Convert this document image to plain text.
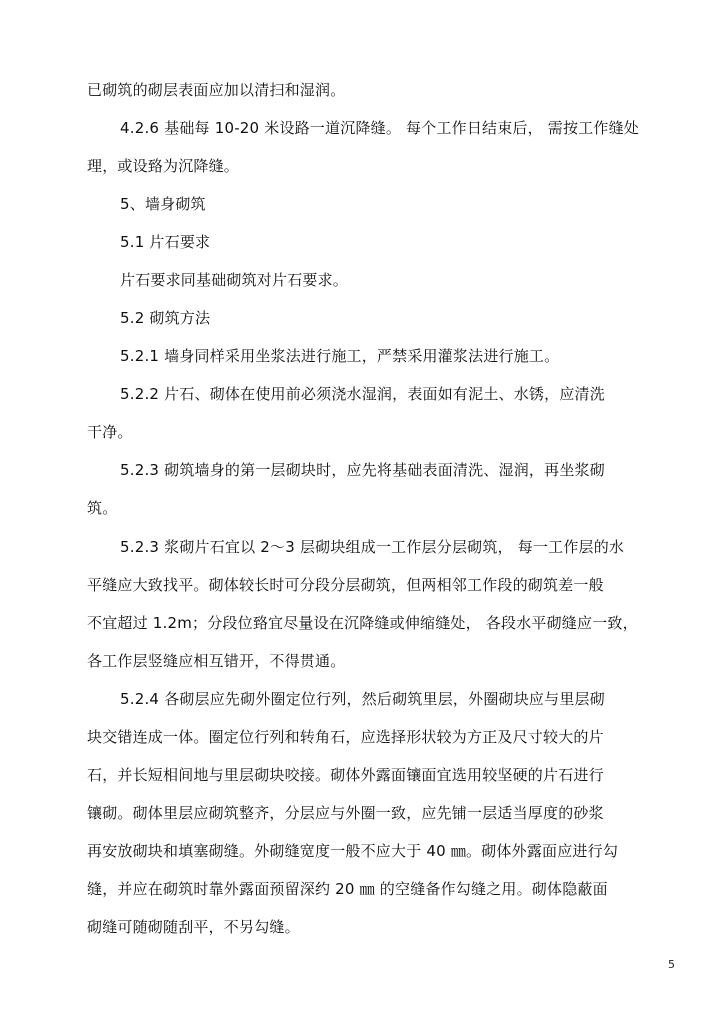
已砌筑的砌层表面应加以清扫和湿润。
4.2.6 基础每 10-20 米设路一道沉降缝。 每个工作日结束后， 需按工作缝处
理，或设臵为沉降缝。
5、墙身砌筑
5.1 片石要求
片石要求同基础砌筑对片石要求。
5.2 砌筑方法
5.2.1 墙身同样采用坐浆法进行施工，严禁采用灌浆法进行施工。
5.2.2 片石、砌体在使用前必须浇水湿润，表面如有泥土、水锈，应清洗
干净。
5.2.3 砌筑墙身的第一层砌块时，应先将基础表面清洗、湿润，再坐浆砌
筑。
5.2.3 浆砌片石宜以 2～3 层砌块组成一工作层分层砌筑， 每一工作层的水
平缝应大致找平。砌体较长时可分段分层砌筑，但两相邻工作段的砌筑差一般
不宜超过 1.2m；分段位臵宜尽量设在沉降缝或伸缩缝处， 各段水平砌缝应一致，
各工作层竖缝应相互错开，不得贯通。
5.2.4 各砌层应先砌外圈定位行列，然后砌筑里层，外圈砌块应与里层砌
块交错连成一体。圈定位行列和转角石，应选择形状较为方正及尺寸较大的片
石，并长短相间地与里层砌块咬接。砌体外露面镶面宜选用较坚硬的片石进行
镶砌。砌体里层应砌筑整齐，分层应与外圈一致，应先铺一层适当厚度的砂浆
再安放砌块和填塞砌缝。外砌缝宽度一般不应大于 40 ㎜。砌体外露面应进行勾
缝，并应在砌筑时靠外露面预留深约 20 ㎜ 的空缝备作勾缝之用。砌体隐蔽面
砌缝可随砌随刮平，不另勾缝。
5
